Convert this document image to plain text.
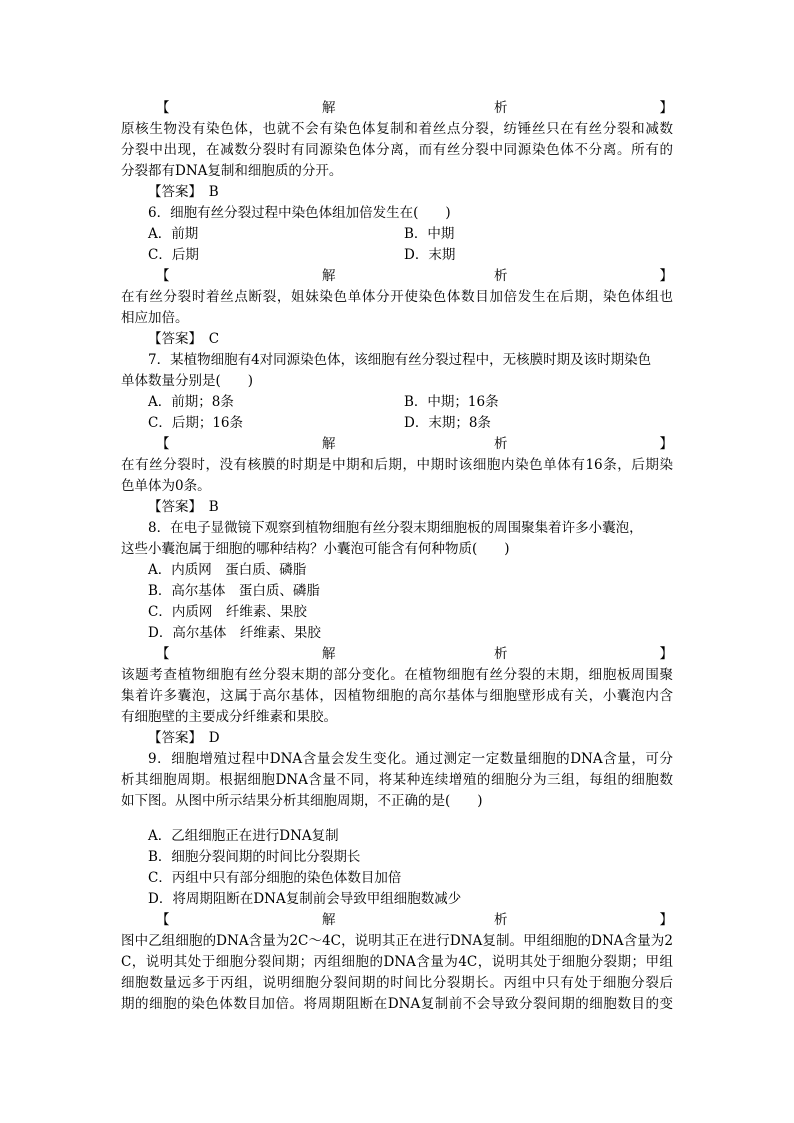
【	解	析	】
原核生物没有染色体，也就不会有染色体复制和着丝点分裂，纺锤丝只在有丝分裂和减数
分裂中出现，在减数分裂时有同源染色体分离，而有丝分裂中同源染色体不分离。所有的
分裂都有DNA复制和细胞质的分开。
【答案】　 B
6．细胞有丝分裂过程中染色体组加倍发生在(　　)
A．前期	B．中期
C．后期	D．末期
【	解	析	】
在有丝分裂时着丝点断裂，姐妹染色单体分开使染色体数目加倍发生在后期，染色体组也
相应加倍。
【答案】　 C
7．某植物细胞有4对同源染色体，该细胞有丝分裂过程中，无核膜时期及该时期染色
单体数量分别是(　　)
A．前期；8条	B．中期；16条
C．后期；16条	D．末期；8条
【	解	析	】
在有丝分裂时，没有核膜的时期是中期和后期，中期时该细胞内染色单体有16条，后期染
色单体为0条。
【答案】　 B
8．在电子显微镜下观察到植物细胞有丝分裂末期细胞板的周围聚集着许多小囊泡，
这些小囊泡属于细胞的哪种结构？小囊泡可能含有何种物质(　　)
A．内质网　蛋白质、磷脂
B．高尔基体　蛋白质、磷脂
C．内质网　纤维素、果胶
D．高尔基体　纤维素、果胶
【	解	析	】
该题考查植物细胞有丝分裂末期的部分变化。在植物细胞有丝分裂的末期，细胞板周围聚
集着许多囊泡，这属于高尔基体，因植物细胞的高尔基体与细胞壁形成有关，小囊泡内含
有细胞壁的主要成分纤维素和果胶。
【答案】　 D
9．细胞增殖过程中DNA含量会发生变化。通过测定一定数量细胞的DNA含量，可分
析其细胞周期。根据细胞DNA含量不同，将某种连续增殖的细胞分为三组，每组的细胞数
如下图。从图中所示结果分析其细胞周期，不正确的是(　　)
A．乙组细胞正在进行DNA复制
B．细胞分裂间期的时间比分裂期长
C．丙组中只有部分细胞的染色体数目加倍
D．将周期阻断在DNA复制前会导致甲组细胞数减少
【	解	析	】
图中乙组细胞的DNA含量为2C～4C，说明其正在进行DNA复制。甲组细胞的DNA含量为2
C，说明其处于细胞分裂间期；丙组细胞的DNA含量为4C，说明其处于细胞分裂期；甲组
细胞数量远多于丙组，说明细胞分裂间期的时间比分裂期长。丙组中只有处于细胞分裂后
期的细胞的染色体数目加倍。将周期阻断在DNA复制前不会导致分裂间期的细胞数目的变
